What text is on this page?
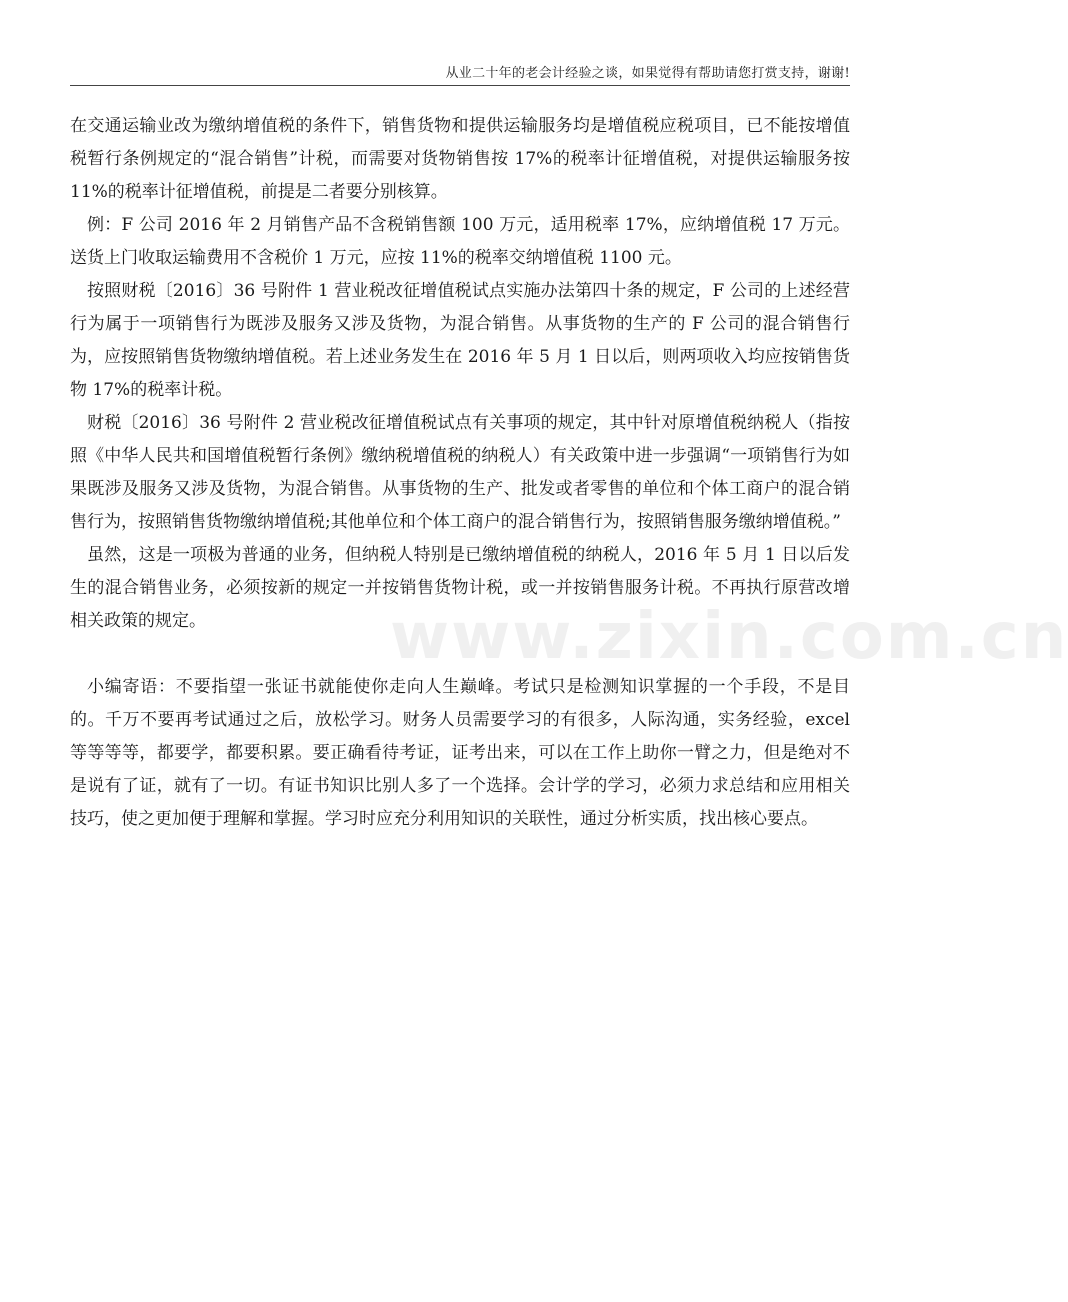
从业二十年的老会计经验之谈，如果觉得有帮助请您打赏支持，谢谢!
www.zixin.com.cn

在交通运输业改为缴纳增值税的条件下，销售货物和提供运输服务均是增值税应税项目，已不能按增值税暂行条例规定的“混合销售”计税，而需要对货物销售按 17%的税率计征增值税，对提供运输服务按 11%的税率计征增值税，前提是二者要分别核算。

例：F 公司 2016 年 2 月销售产品不含税销售额 100 万元，适用税率 17%，应纳增值税 17 万元。送货上门收取运输费用不含税价 1 万元，应按 11%的税率交纳增值税 1100 元。

按照财税〔2016〕36 号附件 1 营业税改征增值税试点实施办法第四十条的规定，F 公司的上述经营行为属于一项销售行为既涉及服务又涉及货物，为混合销售。从事货物的生产的 F 公司的混合销售行为，应按照销售货物缴纳增值税。若上述业务发生在 2016 年 5 月 1 日以后，则两项收入均应按销售货物 17%的税率计税。

财税〔2016〕36 号附件 2 营业税改征增值税试点有关事项的规定，其中针对原增值税纳税人（指按照《中华人民共和国增值税暂行条例》缴纳税增值税的纳税人）有关政策中进一步强调“一项销售行为如果既涉及服务又涉及货物，为混合销售。从事货物的生产、批发或者零售的单位和个体工商户的混合销售行为，按照销售货物缴纳增值税;其他单位和个体工商户的混合销售行为，按照销售服务缴纳增值税。”

虽然，这是一项极为普通的业务，但纳税人特别是已缴纳增值税的纳税人，2016 年 5 月 1 日以后发生的混合销售业务，必须按新的规定一并按销售货物计税，或一并按销售服务计税。不再执行原营改增相关政策的规定。

小编寄语：不要指望一张证书就能使你走向人生巅峰。考试只是检测知识掌握的一个手段，不是目的。千万不要再考试通过之后，放松学习。财务人员需要学习的有很多，人际沟通，实务经验，excel 等等等等，都要学，都要积累。要正确看待考证，证考出来，可以在工作上助你一臂之力，但是绝对不是说有了证，就有了一切。有证书知识比别人多了一个选择。会计学的学习，必须力求总结和应用相关技巧，使之更加便于理解和掌握。学习时应充分利用知识的关联性，通过分析实质，找出核心要点。
